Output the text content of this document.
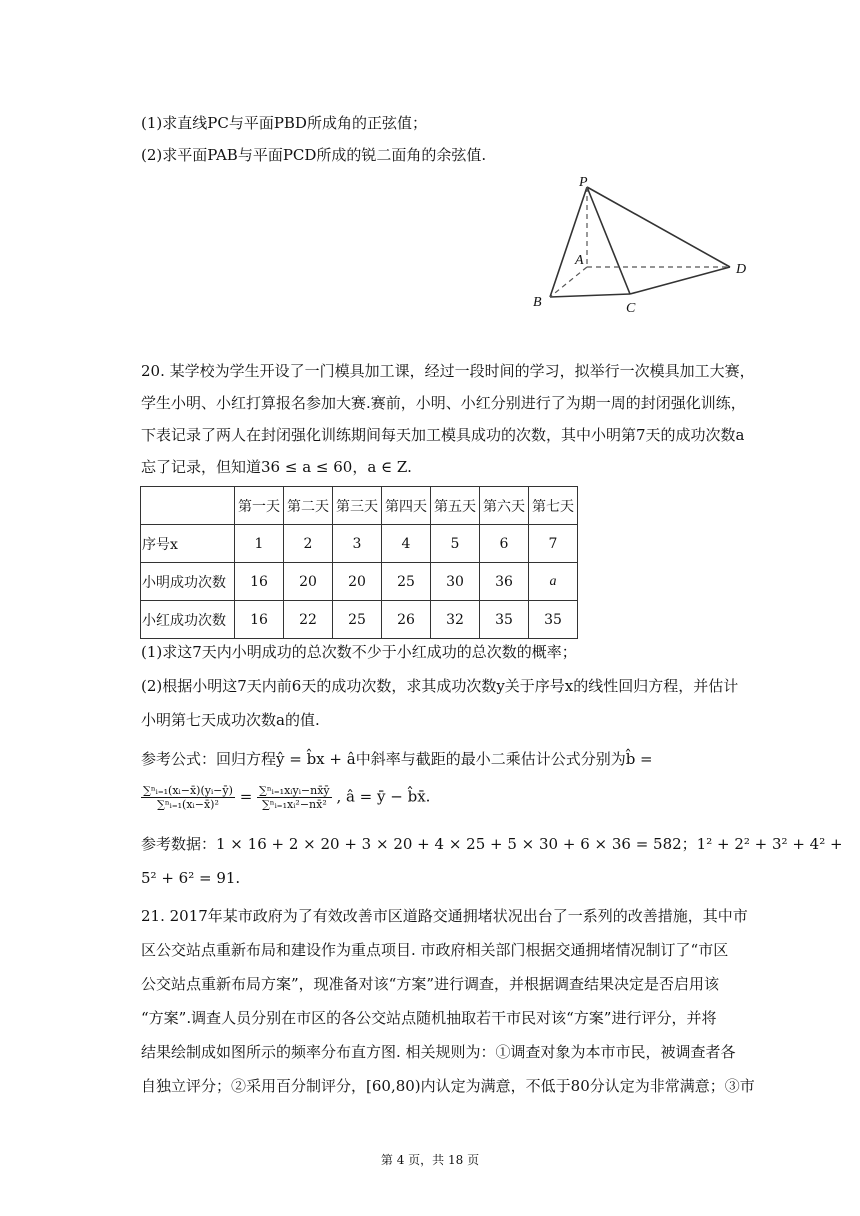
(1)求直线PC与平面PBD所成角的正弦值；
(2)求平面PAB与平面PCD所成的锐二面角的余弦值.
P
A
B	C
D
20. 某学校为学生开设了一门模具加工课，经过一段时间的学习，拟举行一次模具加工大赛，
学生小明、小红打算报名参加大赛.赛前，小明、小红分别进行了为期一周的封闭强化训练，
下表记录了两人在封闭强化训练期间每天加工模具成功的次数，其中小明第7天的成功次数a
忘了记录，但知道36 ≤ a ≤ 60，a ∈ Z.
	第一天	第二天	第三天	第四天	第五天	第六天	第七天
序号x	1	2	3	4	5	6	7
小明成功次数	16	20	20	25	30	36	a
小红成功次数	16	22	25	26	32	35	35
(1)求这7天内小明成功的总次数不少于小红成功的总次数的概率；
(2)根据小明这7天内前6天的成功次数，求其成功次数y关于序号x的线性回归方程，并估计
小明第七天成功次数a的值.
参考公式：回归方程ŷ = b̂x + â中斜率与截距的最小二乘估计公式分别为b̂ =
$\frac{\text{∑ⁿᵢ₌₁(xᵢ−x̄)(yᵢ−ȳ)}}{\text{∑ⁿᵢ₌₁(xᵢ−x̄)²}} = \frac{\text{∑ⁿᵢ₌₁xᵢyᵢ−nx̄ȳ}}{\text{∑ⁿᵢ₌₁xᵢ²−nx̄²}}$ , â = ȳ − b̂x̄.
参考数据：1 × 16 + 2 × 20 + 3 × 20 + 4 × 25 + 5 × 30 + 6 × 36 = 582；1² + 2² + 3² + 4² +
5² + 6² = 91.
21. 2017年某市政府为了有效改善市区道路交通拥堵状况出台了一系列的改善措施，其中市
区公交站点重新布局和建设作为重点项目. 市政府相关部门根据交通拥堵情况制订了“市区
公交站点重新布局方案”，现准备对该“方案”进行调查，并根据调查结果决定是否启用该
“方案”.调查人员分别在市区的各公交站点随机抽取若干市民对该“方案”进行评分，并将
结果绘制成如图所示的频率分布直方图. 相关规则为：①调查对象为本市市民，被调查者各
自独立评分；②采用百分制评分，[60,80)内认定为满意，不低于80分认定为非常满意；③市
第 4 页，共 18 页
